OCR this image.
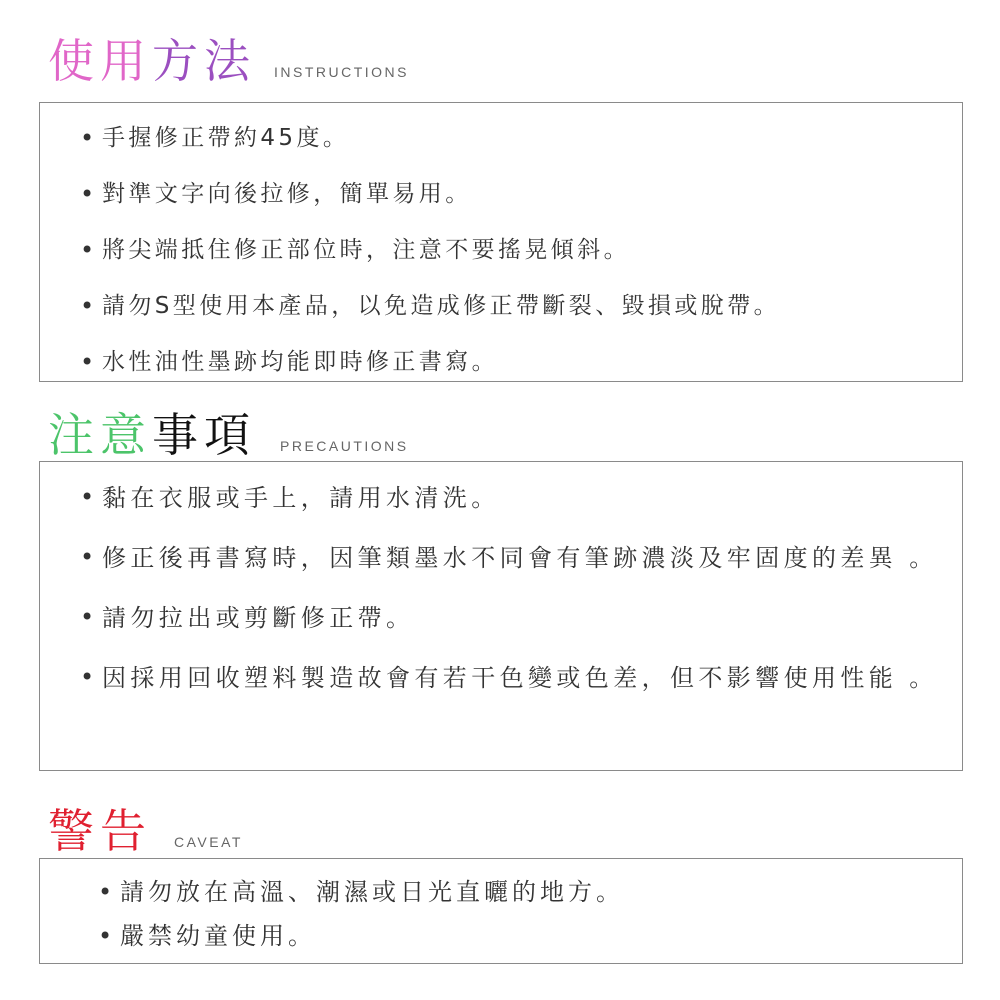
使用方法 INSTRUCTIONS
• 手握修正帶約45度。
• 對準文字向後拉修，簡單易用。
• 將尖端抵住修正部位時，注意不要搖晃傾斜。
• 請勿S型使用本產品，以免造成修正帶斷裂、毀損或脫帶。
• 水性油性墨跡均能即時修正書寫。
注意事項 PRECAUTIONS
• 黏在衣服或手上，請用水清洗。
• 修正後再書寫時，因筆類墨水不同會有筆跡濃淡及牢固度的差異 。
• 請勿拉出或剪斷修正帶。
• 因採用回收塑料製造故會有若干色變或色差，但不影響使用性能 。
警告 CAVEAT
• 請勿放在高溫、潮濕或日光直曬的地方。
• 嚴禁幼童使用。
